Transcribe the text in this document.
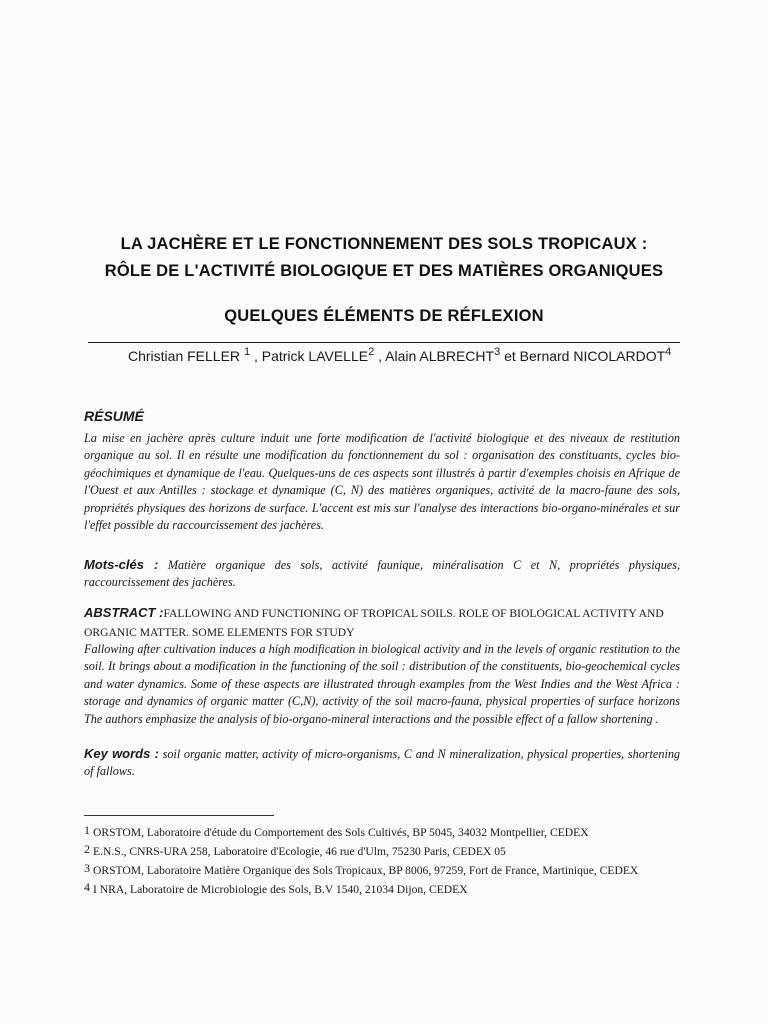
LA JACHÈRE ET LE FONCTIONNEMENT DES SOLS TROPICAUX :
RÔLE DE L'ACTIVITÉ BIOLOGIQUE ET DES MATIÈRES ORGANIQUES
QUELQUES ÉLÉMENTS DE RÉFLEXION
Christian FELLER $^1$ , Patrick LAVELLE$^2$ , Alain ALBRECHT$^3$ et Bernard NICOLARDOT$^4$
RÉSUMÉ
La mise en jachère après culture induit une forte modification de l'activité biologique et des niveaux de restitution organique au sol. Il en résulte une modification du fonctionnement du sol : organisation des constituants, cycles bio-géochimiques et dynamique de l'eau. Quelques-uns de ces aspects sont illustrés à partir d'exemples choisis en Afrique de l'Ouest et aux Antilles : stockage et dynamique (C, N) des matières organiques, activité de la macro-faune des sols, propriétés physiques des horizons de surface. L'accent est mis sur l'analyse des interactions bio-organo-minérales et sur l'effet possible du raccourcissement des jachères.
Mots-clés : Matière organique des sols, activité faunique, minéralisation C et N, propriétés physiques, raccourcissement des jachères.
ABSTRACT :FALLOWING AND FUNCTIONING OF TROPICAL SOILS. ROLE OF BIOLOGICAL ACTIVITY AND ORGANIC MATTER. SOME ELEMENTS FOR STUDY
Fallowing after cultivation induces a high modification in biological activity and in the levels of organic restitution to the soil. It brings about a modification in the functioning of the soil : distribution of the constituents, bio-geochemical cycles and water dynamics. Some of these aspects are illustrated through examples from the West Indies and the West Africa : storage and dynamics of organic matter (C,N), activity of the soil macro-fauna, physical properties of surface horizons The authors emphasize the analysis of bio-organo-mineral interactions and the possible effect of a fallow shortening .
Key words : soil organic matter, activity of micro-organisms, C and N mineralization, physical properties, shortening of fallows.
1 ORSTOM, Laboratoire d'étude du Comportement des Sols Cultivés, BP 5045, 34032 Montpellier, CEDEX
2 E.N.S., CNRS-URA 258, Laboratoire d'Ecologie, 46 rue d'Ulm, 75230 Paris, CEDEX 05
3 ORSTOM, Laboratoire Matière Organique des Sols Tropicaux, BP 8006, 97259, Fort de France, Martinique, CEDEX
4 I NRA, Laboratoire de Microbiologie des Sols, B.V 1540, 21034 Dijon, CEDEX
